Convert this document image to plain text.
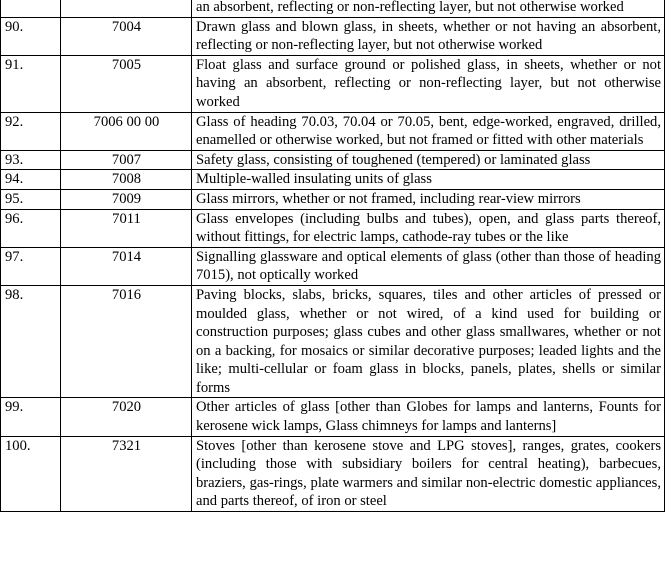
		an absorbent, reflecting or non-reflecting layer, but not otherwise worked
90.	7004	Drawn glass and blown glass, in sheets, whether or not having an absorbent, reflecting or non-reflecting layer, but not otherwise worked
91.	7005	Float glass and surface ground or polished glass, in sheets, whether or not having an absorbent, reflecting or non-reflecting layer, but not otherwise worked
92.	7006 00 00	Glass of heading 70.03, 70.04 or 70.05, bent, edge-worked, engraved, drilled, enamelled or otherwise worked, but not framed or fitted with other materials
93.	7007	Safety glass, consisting of toughened (tempered) or laminated glass
94.	7008	Multiple-walled insulating units of glass
95.	7009	Glass mirrors, whether or not framed, including rear-view mirrors
96.	7011	Glass envelopes (including bulbs and tubes), open, and glass parts thereof, without fittings, for electric lamps, cathode-ray tubes or the like
97.	7014	Signalling glassware and optical elements of glass (other than those of heading 7015), not optically worked
98.	7016	Paving blocks, slabs, bricks, squares, tiles and other articles of pressed or moulded glass, whether or not wired, of a kind used for building or construction purposes; glass cubes and other glass smallwares, whether or not on a backing, for mosaics or similar decorative purposes; leaded lights and the like; multi-cellular or foam glass in blocks, panels, plates, shells or similar forms
99.	7020	Other articles of glass [other than Globes for lamps and lanterns, Founts for kerosene wick lamps, Glass chimneys for lamps and lanterns]
100.	7321	Stoves [other than kerosene stove and LPG stoves], ranges, grates, cookers (including those with subsidiary boilers for central heating), barbecues, braziers, gas-rings, plate warmers and similar non-electric domestic appliances, and parts thereof, of iron or steel
